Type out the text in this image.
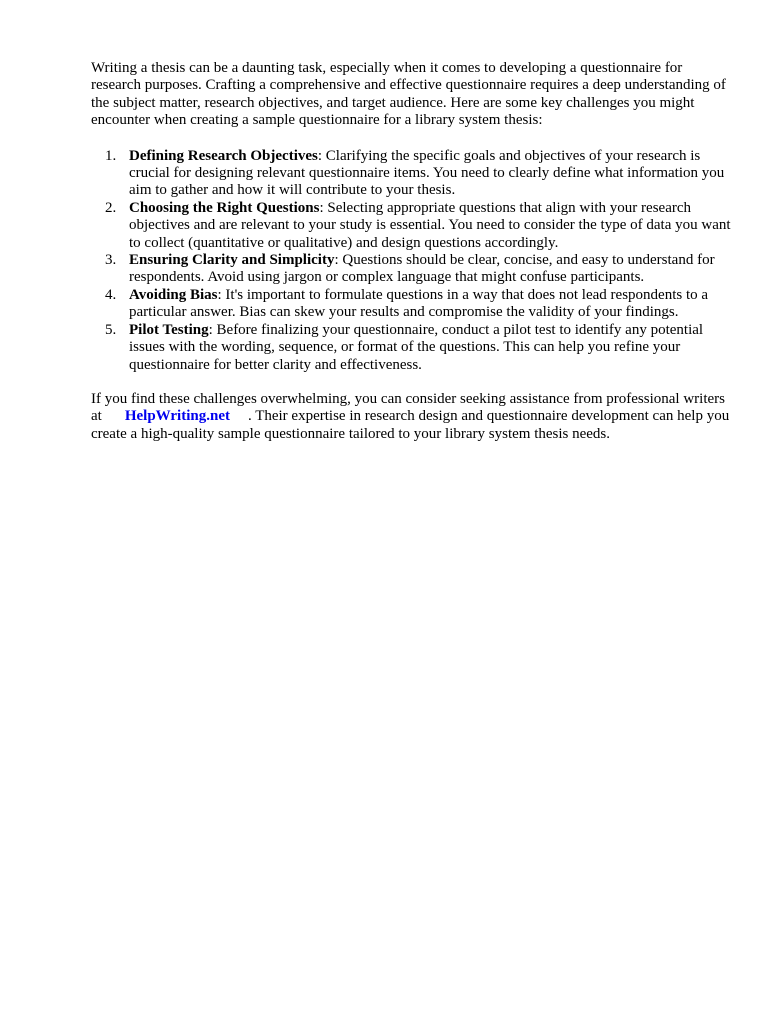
Writing a thesis can be a daunting task, especially when it comes to developing a questionnaire for research purposes. Crafting a comprehensive and effective questionnaire requires a deep understanding of the subject matter, research objectives, and target audience. Here are some key challenges you might encounter when creating a sample questionnaire for a library system thesis:

1. Defining Research Objectives: Clarifying the specific goals and objectives of your research is crucial for designing relevant questionnaire items. You need to clearly define what information you aim to gather and how it will contribute to your thesis.
2. Choosing the Right Questions: Selecting appropriate questions that align with your research objectives and are relevant to your study is essential. You need to consider the type of data you want to collect (quantitative or qualitative) and design questions accordingly.
3. Ensuring Clarity and Simplicity: Questions should be clear, concise, and easy to understand for respondents. Avoid using jargon or complex language that might confuse participants.
4. Avoiding Bias: It's important to formulate questions in a way that does not lead respondents to a particular answer. Bias can skew your results and compromise the validity of your findings.
5. Pilot Testing: Before finalizing your questionnaire, conduct a pilot test to identify any potential issues with the wording, sequence, or format of the questions. This can help you refine your questionnaire for better clarity and effectiveness.

If you find these challenges overwhelming, you can consider seeking assistance from professional writers at HelpWriting.net . Their expertise in research design and questionnaire development can help you create a high-quality sample questionnaire tailored to your library system thesis needs.
